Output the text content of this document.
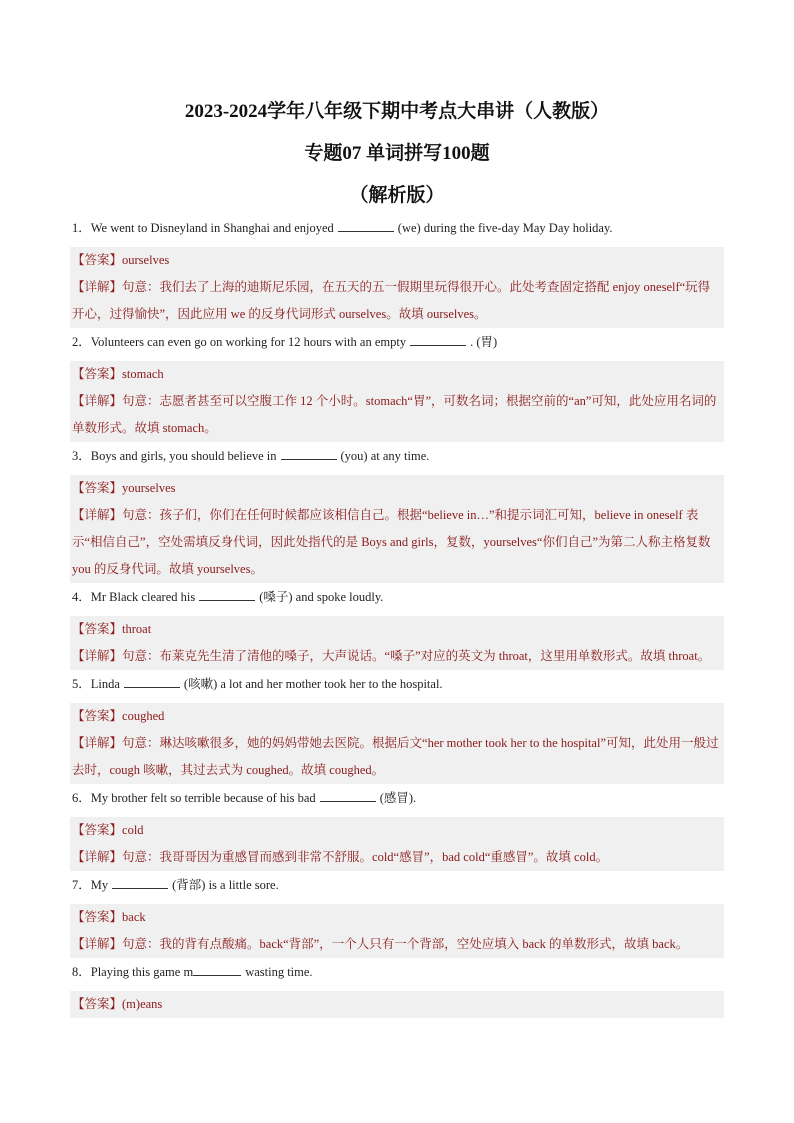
2023-2024学年八年级下期中考点大串讲（人教版）
专题07 单词拼写100题
（解析版）
1．We went to Disneyland in Shanghai and enjoyed	(we) during the five-day May Day holiday.
【答案】ourselves
【详解】句意：我们去了上海的迪斯尼乐园，在五天的五一假期里玩得很开心。此处考查固定搭配 enjoy oneself“玩得开心，过得愉快”，因此应用 we 的反身代词形式 ourselves。故填 ourselves。
2．Volunteers can even go on working for 12 hours with an empty	. (胃)
【答案】stomach
【详解】句意：志愿者甚至可以空腹工作 12 个小时。stomach“胃”，可数名词；根据空前的“an”可知，此处应用名词的单数形式。故填 stomach。
3．Boys and girls, you should believe in	(you) at any time.
【答案】yourselves
【详解】句意：孩子们，你们在任何时候都应该相信自己。根据“believe in…”和提示词汇可知，believe in oneself 表示“相信自己”，空处需填反身代词，因此处指代的是 Boys and girls，复数，yourselves“你们自己”为第二人称主格复数 you 的反身代词。故填 yourselves。
4．Mr Black cleared his	(嗓子) and spoke loudly.
【答案】throat
【详解】句意：布莱克先生清了清他的嗓子，大声说话。“嗓子”对应的英文为 throat，这里用单数形式。故填 throat。
5．Linda	(咳嗽) a lot and her mother took her to the hospital.
【答案】coughed
【详解】句意：琳达咳嗽很多，她的妈妈带她去医院。根据后文“her mother took her to the hospital”可知，此处用一般过去时，cough 咳嗽，其过去式为 coughed。故填 coughed。
6．My brother felt so terrible because of his bad	(感冒).
【答案】cold
【详解】句意：我哥哥因为重感冒而感到非常不舒服。cold“感冒”，bad cold“重感冒”。故填 cold。
7．My	(背部) is a little sore.
【答案】back
【详解】句意：我的背有点酸痛。back“背部”，一个人只有一个背部，空处应填入 back 的单数形式，故填 back。
8．Playing this game m	wasting time.
【答案】(m)eans
